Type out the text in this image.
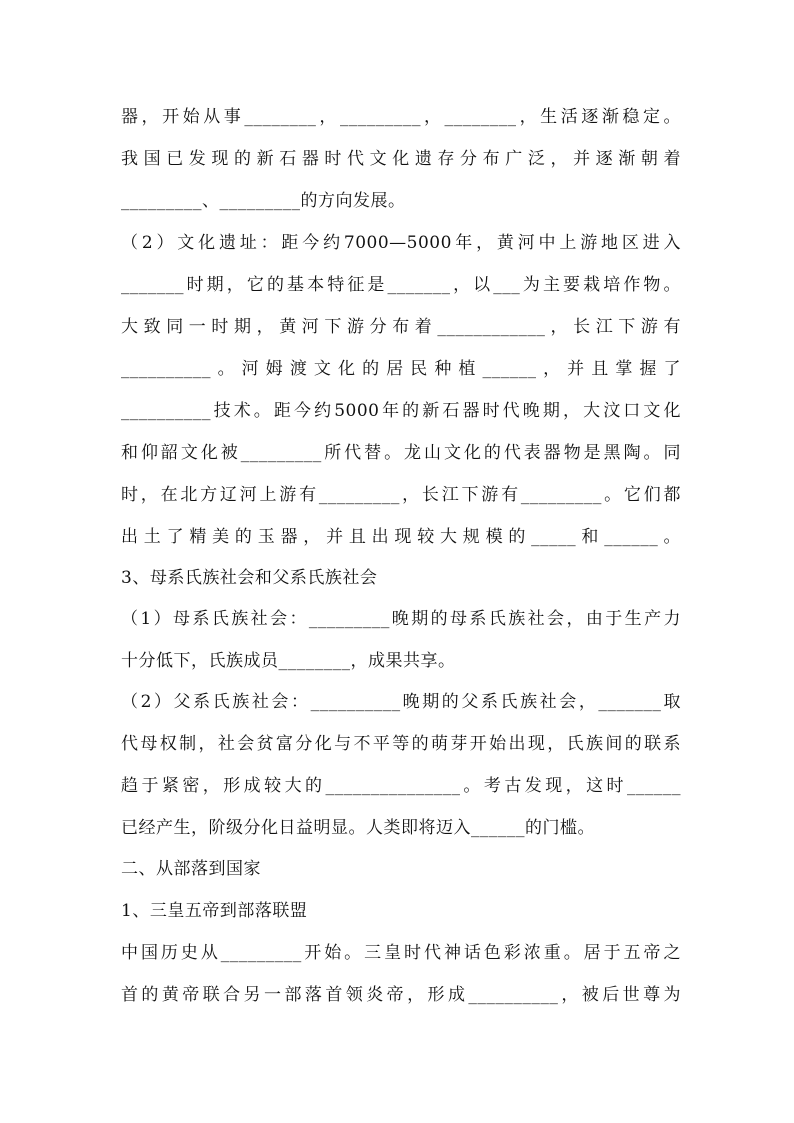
器，开始从事________，_________，________，生活逐渐稳定。
我国已发现的新石器时代文化遗存分布广泛，并逐渐朝着
_________、_________的方向发展。
（2）文化遗址：距今约7000—5000年，黄河中上游地区进入
_______时期，它的基本特征是_______，以___为主要栽培作物。
大致同一时期，黄河下游分布着____________，长江下游有
__________。河姆渡文化的居民种植______，并且掌握了
__________技术。距今约5000年的新石器时代晚期，大汶口文化
和仰韶文化被_________所代替。龙山文化的代表器物是黑陶。同
时，在北方辽河上游有_________，长江下游有_________。它们都
出土了精美的玉器，并且出现较大规模的_____和______。
3、母系氏族社会和父系氏族社会
（1）母系氏族社会：_________晚期的母系氏族社会，由于生产力
十分低下，氏族成员________，成果共享。
（2）父系氏族社会：__________晚期的父系氏族社会，_______取
代母权制，社会贫富分化与不平等的萌芽开始出现，氏族间的联系
趋于紧密，形成较大的_______________。考古发现，这时______
已经产生，阶级分化日益明显。人类即将迈入______的门槛。
二、从部落到国家
1、三皇五帝到部落联盟
中国历史从_________开始。三皇时代神话色彩浓重。居于五帝之
首的黄帝联合另一部落首领炎帝，形成__________，被后世尊为
